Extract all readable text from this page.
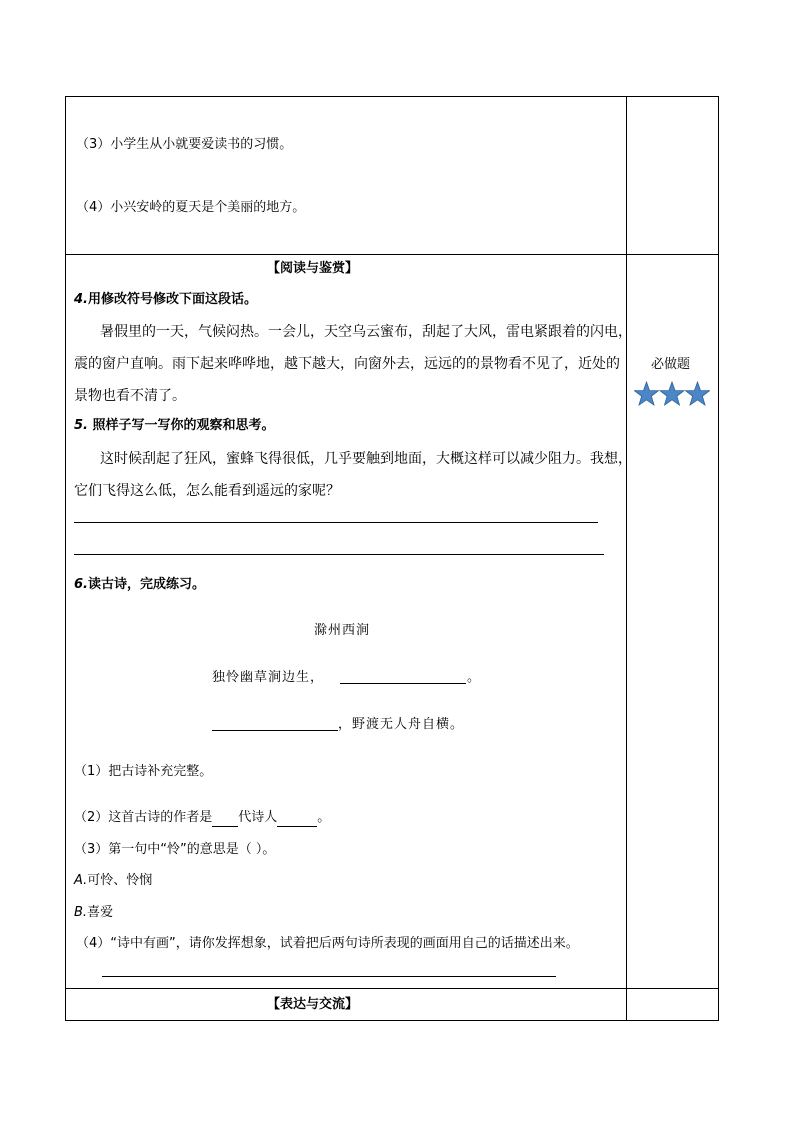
（3）小学生从小就要爱读书的习惯。
（4）小兴安岭的夏天是个美丽的地方。
【阅读与鉴赏】
4.用修改符号修改下面这段话。
暑假里的一天，气候闷热。一会儿，天空乌云蜜布，刮起了大风，雷电紧跟着的闪电，
震的窗户直响。雨下起来哗哗地，越下越大，向窗外去，远远的的景物看不见了，近处的
景物也看不清了。
必做题
5. 照样子写一写你的观察和思考。
这时候刮起了狂风，蜜蜂飞得很低，几乎要触到地面，大概这样可以减少阻力。我想，
它们飞得这么低，怎么能看到遥远的家呢？
6.读古诗，完成练习。
滁州西涧
独怜幽草涧边生，	。
，野渡无人舟自横。
（1）把古诗补充完整。
（2）这首古诗的作者是 代诗人	。
（3）第一句中“怜”的意思是（ ）。
A.可怜、怜悯
B.喜爱
（4）“诗中有画”，请你发挥想象，试着把后两句诗所表现的画面用自己的话描述出来。
【表达与交流】
